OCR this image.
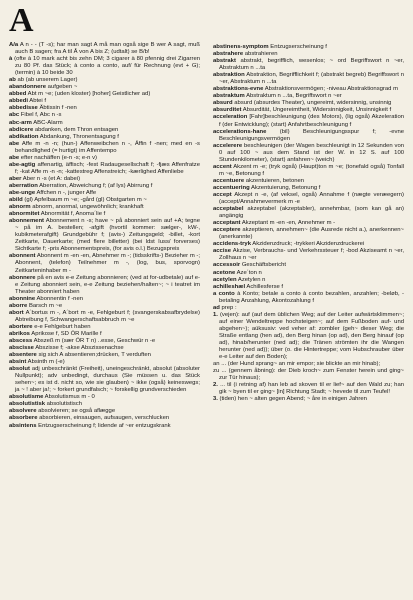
A

A/a A n - - (T -s); har man sagt A må man også sige B wer A sagt, muß auch B sagen; fra A til Å von A bis Z; (udtalt) se B/b!

à (ofte à 10 mark acht bis zehn DM; 3 cigarer à 80 pfennig drei Zigarren zu 80 Pf. das Stück; à conto a conto, auf/ für Rechnung (evt + G); (termin) à 10 beide 30

ab ab (ab unserem Lager)

abandonnere aufgeben ~

abbed Abt m ~e; (uden kloster) [hoher] Geistlicher ad)

abbedi Abtei f

abbedisse Äbtissin f -nen

abc Fibel f, Abc n -s

abc-arm ABC-Alarm

abdicere abdanken, dem Thron entsagen

abdikation Abdankung, Thronentsagung f

abe Affe m -n -n; (hun-) Affenweibchen n -, Äffin f -nen; med en -s behandlighed (= hurtigt) im Affentempo

abe efter nachäffen (e-n -s; e-n v)

abe-agtig affenartig, äffisch; -fest Radaugesellschaft f; -fjæs Affenfratze f; -kat Affe m -n -n; -kattestreg Affenstreich; -kærlighed Affenliebe

aber Aber n -s (et A: dabei)

aberration Aberration, Abweichung f; (af lys) Abirrung f

abe-unge Affchen n -, junger Affe

abild (gl) Apfelbaum m ~e; -gård (gl) Obstgarten m ~

abnorm abnorm, anormal, ungewöhnlich; krankhaft

abnormitet Abnormität f, Anoma´lie f

abonnement Abonnement n -s; have ~ på abonniert sein auf +A; tegne ~ på im A. bestellen; -afgift (hvortil kommer: sælger-, kW-, kubikmeterafgift) Grundgebühr f; (avis-) Zeitungsgeld; -billet, -kort Zeitkarte, Dauerkarte; (med flere billetter) (bei ldst Iuss/ forverses) Sichtkarte f; -pris Abonnementspreis, (for avis o.l.) Bezugspreis

abonnent Abonnent m -en -en, Abnehmer m -; (tidsskrifts-) Bezieher m -; Abonnent, (telefon) Teilnehmer m -, (log, bus, sporvogn) Zeitkarteninhaber m -

abonnere på en avis e-e Zeitung abonnieren; (ved at for-udbetale) auf e-e Zeitung abonniert sein, e-e Zeitung beziehen/halten~; ~ i teatret im Theater abonniert haben

abonnine Abonnentin f -nen

aborre Barsch m ~e

abort A´bortus m -, A´bort m -e, Fehlgeburt f; (svangerskabsafbrydelse) Abtreibung f, Schwangerschaftsabbruch m ~e

abortere e-e Fehlgeburt haben

abrikos Aprikose f, SD ÖR Marille f

abscess Abszeß m (sær ÖR T n) ..esse, Geschwür n -e

abscisse Abszisse f; -akse Abszissenachse

absentere sig sich A absentieren;drücken, T verduften

absint Absinth m (-e)

absolut adj unbeschränkt (Freiheit), uneingeschränkt, absolut (absoluter Nullpunkt); adv unbedingt, durchaus (Sie müssen u. das Stück sehen~; es ist d. nicht so, wie sie glauben) ~ ikke (også) keineswegs; ja ~ ! aber ja!; ~ forkert grundfalsch; ~ forskellig grundverschieden

absolutisme Absolutismus m - 0

absolutistisk absolutistisch

absolvere absolvieren; se også aflægge

absorbere absorbieren, einsaugen, aufsaugen, verschlucken

absintens Entzugserscheinung f; lidende af ~er entzugskrank

abstinens-symptom Entzugserscheinung f

abstrahere abstrahieren

abstrakt abstrakt, begrifflich, wesenlos; ~ ord Begriffswort n ~er, Abstraktum n ...ta

abstraktion Abstraktion, Begrifflichkeit f; (abstrakt begreb) Begriffswort n ~er, Abstraktum n ...ta

abstraktions-evne Abstraktionsvermögen; -niveau Abstraktionsgrad m

abstraktum Abstraktum n ...ta, Begriffswort n ~er

absurd absurd (absurdes Theater), ungereimt, widersinnig, unsinnig

absurditet Absurdität, Ungereimtheit, Widersinnigkeit, Unsinnigkeit f

acceleration [Fahr]beschleunigung (des Motors), (lig også) Akzeleration f (der Entwicklung); (start) Anfahrtbeschleunigung f

accelerations-hane (bil) Beschleunigungsspur f; -evne Beschleunigungsvermögen

accelerere beschleunigen (der Wagen beschleunigt in 12 Sekunden von 0 auf 100 ~ aus dem Stand ist der W. in 12 S. auf 100 Stundenkilometer), (start) anfahren~ (weich)

accent Akzent m -e; (tryk også) (Haupt)ton m ~e; (tonefald også) Tonfall m ~e, Betonung f

accentuere akzentuieren, betonen

accentuering Akzentuierung, Betonung f

accept Akzept n -e, (af veksel, også) Annahme f (nægte veræegern) (accept/Annahmevermerk m -e

acceptabel akzeptabel (akzeptabler), annehmbar, (som kan gå an) angängig

acceptant Akzeptant m -en -en, Annehmer m -

acceptere akzeptieren, annehmen~ (die Ausrede nicht a.), anerkennen~ (anerkannte)

accidens-tryk Akzidenzdruck; -trykkeri Akzidenzdruckerei

accise Akzise, Verbrauchs- und Verkehrssteuer f; -bod Akziseamt n ~er, Zollhaus n ~er

accessoir Geschäftsbericht

acetone Aze´ton n

acetylen Azetylen n

achilleshæl Achillesferse f

a conto à Konto; betale a conto à conto bezahlen, anzahlen; -beløb, -betaling Anzahlung, Akontozahlung f

ad prep :

1. (vejen): auf (auf dem üblichen Weg; auf der Leiter aufwärtsklimmen~; auf einer Wendeltreppe hochsteigen~; auf dem Fußboden auf- und abgehen~); aüksusiv: ved veher af: zombler (geh~ dieser Weg; die Straße entlang (hen ad), den Berg hinan (op ad), den Berg hinauf (op ad), hinab/herunter (ned ad); die Tränen strömten ihr die Wangen herunter (ned ad)); über (o. die Hintertreppe; vom Hubschrauber über e-e Leiter auf den Boden);

an ... (der Hund sprang~ an mir empor; sie blickte an mir hinab);

zu ... (gennem åbning): der Dieb kroch~ zum Fenster herein und ging~ zur Tür hinaus);

2. ... til (i retning af) han leb ad skoven til er lief~ auf den Wald zu; han gik ~ byen til er ging~ [in] Richtung Stadt; ~ hevede til zum Teufel!

3. (tiden) hen ~ alten gegen Abend; ~ åre in einigen Jahren
